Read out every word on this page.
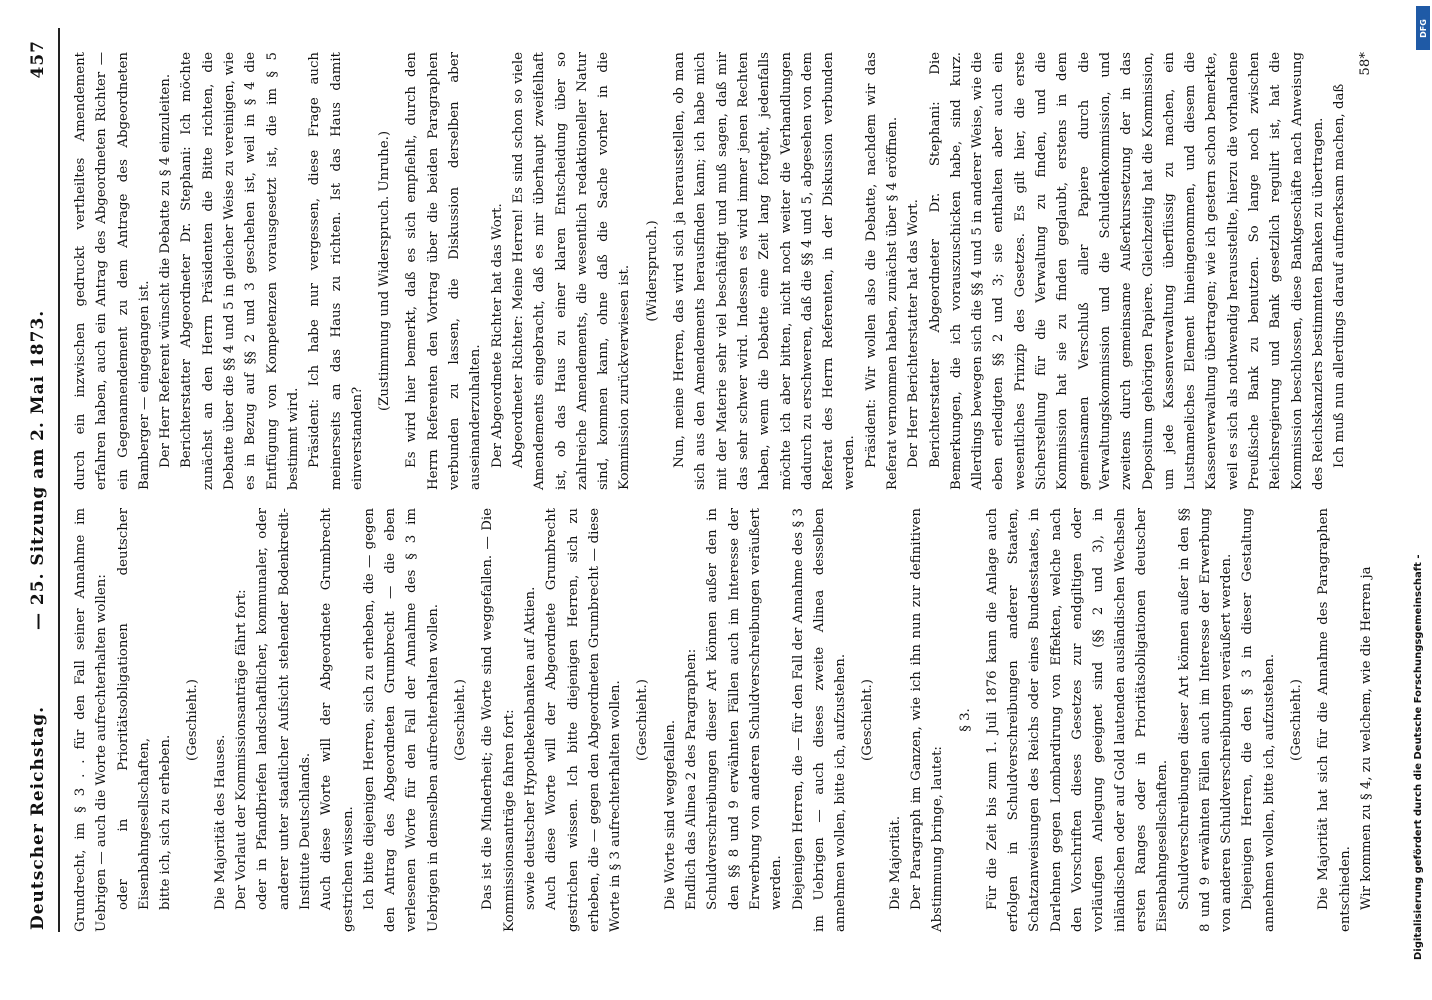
Deutscher Reichstag.
— 25. Sitzung am 2. Mai 1873.
457

Grundrecht, im § 3 . . für den Fall seiner Annahme im Uebrigen — auch die Worte aufrechterhalten wollen: oder in Prioritätsobligationen deutscher Eisenbahngesellschaften, bitte ich, sich zu erheben.

(Geschieht.)

Die Majorität des Hauses. Der Vorlaut der Kommissionsanträge fährt fort: oder in Pfandbriefen landschaftlicher, kommunaler, oder anderer unter staatlicher Aufsicht stehender Bodenkredit-Institute Deutschlands. Auch diese Worte will der Abgeordnete Grumbrecht gestrichen wissen. Ich bitte diejenigen Herren, sich zu erheben, die — gegen den Antrag des Abgeordneten Grumbrecht — die eben verlesenen Worte für den Fall der Annahme des § 3 im Uebrigen in demselben aufrechterhalten wollen. (Geschieht.) Das ist die Minderheit; die Worte sind weggefallen. — Die Kommissionsanträge fahren fort: sowie deutscher Hypothekenbanken auf Aktien. Auch diese Worte will der Abgeordnete Grumbrecht gestrichen wissen. Ich bitte diejenigen Herren, sich zu erheben, die — gegen den Abgeordneten Grumbrecht — diese Worte in § 3 aufrechterhalten wollen. (Geschieht.) Die Worte sind weggefallen. Endlich das Alinea 2 des Paragraphen: Schuldverschreibungen dieser Art können außer den in den §§ 8 und 9 erwähnten Fällen auch im Interesse der Erwerbung von anderen Schuldverschreibungen veräußert werden. Diejenigen Herren, die — für den Fall der Annahme des § 3 im Uebrigen — auch dieses zweite Alinea desselben annehmen wollen, bitte ich, aufzustehen. (Geschieht.)

Die Majorität. Der Paragraph im Ganzen, wie ich ihn nun zur definitiven Abstimmung bringe, lautet:

§ 3. Für die Zeit bis zum 1. Juli 1876 kann die Anlage auch erfolgen in Schuldverschreibungen anderer Staaten, Schatzanweisungen des Reichs oder eines Bundesstaates, in Darlehnen gegen Lombardirung von Effekten, welche nach den Vorschriften dieses Gesetzes zur endgiltigen oder vorläufigen Anlegung geeignet sind (§§ 2 und 3), in inländischen oder auf Gold lautenden ausländischen Wechseln ersten Ranges oder in Prioritätsobligationen deutscher Eisenbahngesellschaften. Schuldverschreibungen dieser Art können außer in den §§ 8 und 9 erwähnten Fällen auch im Interesse der Erwerbung von anderen Schuldverschreibungen veräußert werden. Diejenigen Herren, die den § 3 in dieser Gestaltung annehmen wollen, bitte ich, aufzustehen. (Geschieht.) Die Majorität hat sich für die Annahme des Paragraphen entschieden. Wir kommen zu § 4, zu welchem, wie die Herren ja

durch ein inzwischen gedruckt vertheiltes Amendement erfahren haben, auch ein Antrag des Abgeordneten Richter — ein Gegenamendement zu dem Antrage des Abgeordneten Bamberger — eingegangen ist. Der Herr Referent wünscht die Debatte zu § 4 einzuleiten. Berichterstatter Abgeordneter Dr. Stephani: Ich möchte zunächst an den Herrn Präsidenten die Bitte richten, die Debatte über die §§ 4 und 5 in gleicher Weise zu vereinigen, wie es in Bezug auf §§ 2 und 3 geschehen ist, weil in § 4 die Entfügung von Kompetenzen vorausgesetzt ist, die im § 5 bestimmt wird. Präsident: Ich habe nur vergessen, diese Frage auch meinerseits an das Haus zu richten. Ist das Haus damit einverstanden?

(Zustimmung und Widerspruch. Unruhe.) Es wird hier bemerkt, daß es sich empfiehlt, durch den Herrn Referenten den Vortrag über die beiden Paragraphen verbunden zu lassen, die Diskussion derselben aber auseinanderzuhalten. Der Abgeordnete Richter hat das Wort. Abgeordneter Richter: Meine Herren! Es sind schon so viele Amendements eingebracht, daß es mir überhaupt zweifelhaft ist, ob das Haus zu einer klaren Entscheidung über so zahlreiche Amendements, die wesentlich redaktioneller Natur sind, kommen kann, ohne daß die Sache vorher in die Kommission zurückverwiesen ist. (Widerspruch.) Nun, meine Herren, das wird sich ja herausstellen, ob man sich aus den Amendements herausfinden kann; ich habe mich mit der Materie sehr viel beschäftigt und muß sagen, daß mir das sehr schwer wird. Indessen es wird immer jenen Rechten haben, wenn die Debatte eine Zeit lang fortgeht, jedenfalls möchte ich aber bitten, nicht noch weiter die Verhandlungen dadurch zu erschweren, daß die §§ 4 und 5, abgesehen von dem Referat des Herrn Referenten, in der Diskussion verbunden werden. Präsident: Wir wollen also die Debatte, nachdem wir das Referat vernommen haben, zunächst über § 4 eröffnen. Der Herr Berichterstatter hat das Wort. Berichterstatter Abgeordneter Dr. Stephani: Die Bemerkungen, die ich vorauszuschicken habe, sind kurz. Allerdings bewegen sich die §§ 4 und 5 in anderer Weise, wie die eben erledigten §§ 2 und 3; sie enthalten aber auch ein wesentliches Prinzip des Gesetzes. Es gilt hier, die erste Sicherstellung für die Verwaltung zu finden, und die Kommission hat sie zu finden geglaubt, erstens in dem gemeinsamen Verschluß aller Papiere durch die Verwaltungskommission und die Schuldenkommission, und zweitens durch gemeinsame Außerkurssetzung der in das Depositum gehörigen Papiere. Gleichzeitig hat die Kommission, um jede Kassenverwaltung überflüssig zu machen, ein Lustnameliches Element hineingenommen, und diesem die Kassenverwaltung übertragen; wie ich gestern schon bemerkte, weil es sich als nothwendig herausstellte, hierzu die vorhandene Preußische Bank zu benutzen. So lange noch zwischen Reichsregierung und Bank gesetzlich regulirt ist, hat die Kommission beschlossen, diese Bankgeschäfte nach Anweisung des Reichskanzlers bestimmten Banken zu übertragen. Ich muß nun allerdings darauf aufmerksam machen, daß

58*

Digitalisierung gefördert durch die Deutsche Forschungsgemeinschaft -
DFG
